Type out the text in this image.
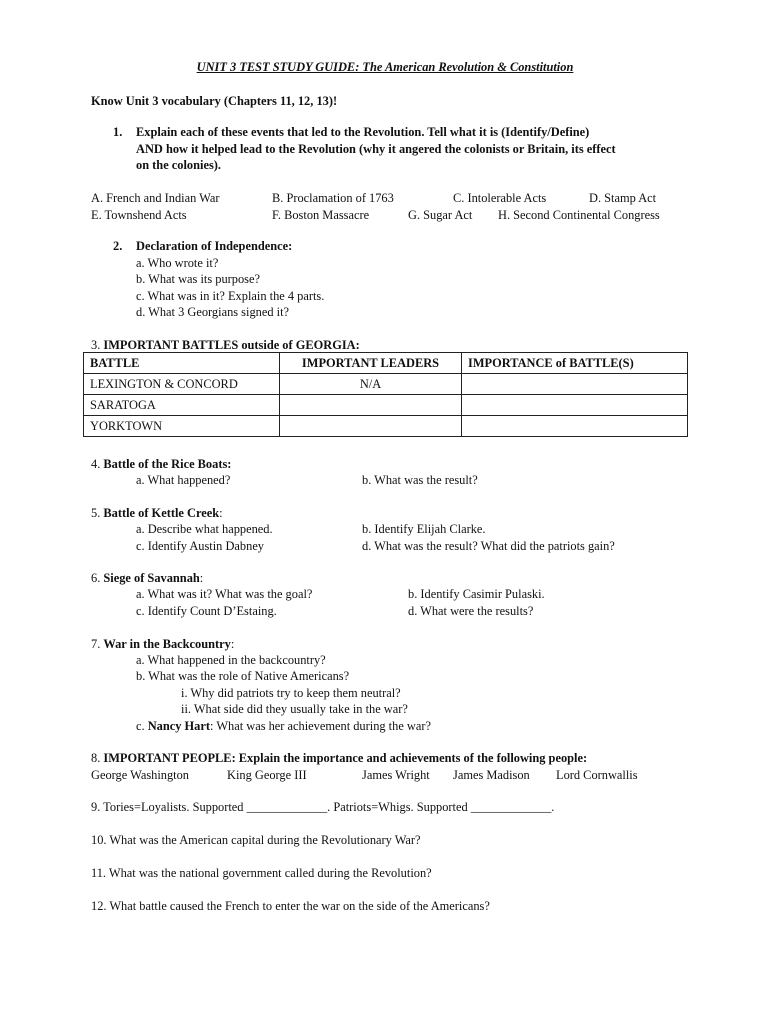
UNIT 3 TEST STUDY GUIDE: The American Revolution & Constitution
Know Unit 3 vocabulary (Chapters 11, 12, 13)!
1. Explain each of these events that led to the Revolution. Tell what it is (Identify/Define)
AND how it helped lead to the Revolution (why it angered the colonists or Britain, its effect
on the colonies).
A. French and Indian War	B. Proclamation of 1763	C. Intolerable Acts	D. Stamp Act
E. Townshend Acts	F. Boston Massacre	G. Sugar Act H. Second Continental Congress
2. Declaration of Independence:
a. Who wrote it?
b. What was its purpose?
c. What was in it? Explain the 4 parts.
d. What 3 Georgians signed it?
3. IMPORTANT BATTLES outside of GEORGIA:
BATTLE	IMPORTANT LEADERS	IMPORTANCE of BATTLE(S)
LEXINGTON & CONCORD	N/A	
SARATOGA		
YORKTOWN		
4. Battle of the Rice Boats:
a. What happened?	b. What was the result?
5. Battle of Kettle Creek:
a. Describe what happened.	b. Identify Elijah Clarke.
c. Identify Austin Dabney	d. What was the result? What did the patriots gain?
6. Siege of Savannah:
a. What was it? What was the goal?	b. Identify Casimir Pulaski.
c. Identify Count D’Estaing.	d. What were the results?
7. War in the Backcountry:
a. What happened in the backcountry?
b. What was the role of Native Americans?
i. Why did patriots try to keep them neutral?
ii. What side did they usually take in the war?
c. Nancy Hart: What was her achievement during the war?
8. IMPORTANT PEOPLE: Explain the importance and achievements of the following people:
George Washington	King George III	James Wright James Madison Lord Cornwallis
9. Tories=Loyalists. Supported _____________. Patriots=Whigs. Supported _____________.
10. What was the American capital during the Revolutionary War?
11. What was the national government called during the Revolution?
12. What battle caused the French to enter the war on the side of the Americans?
